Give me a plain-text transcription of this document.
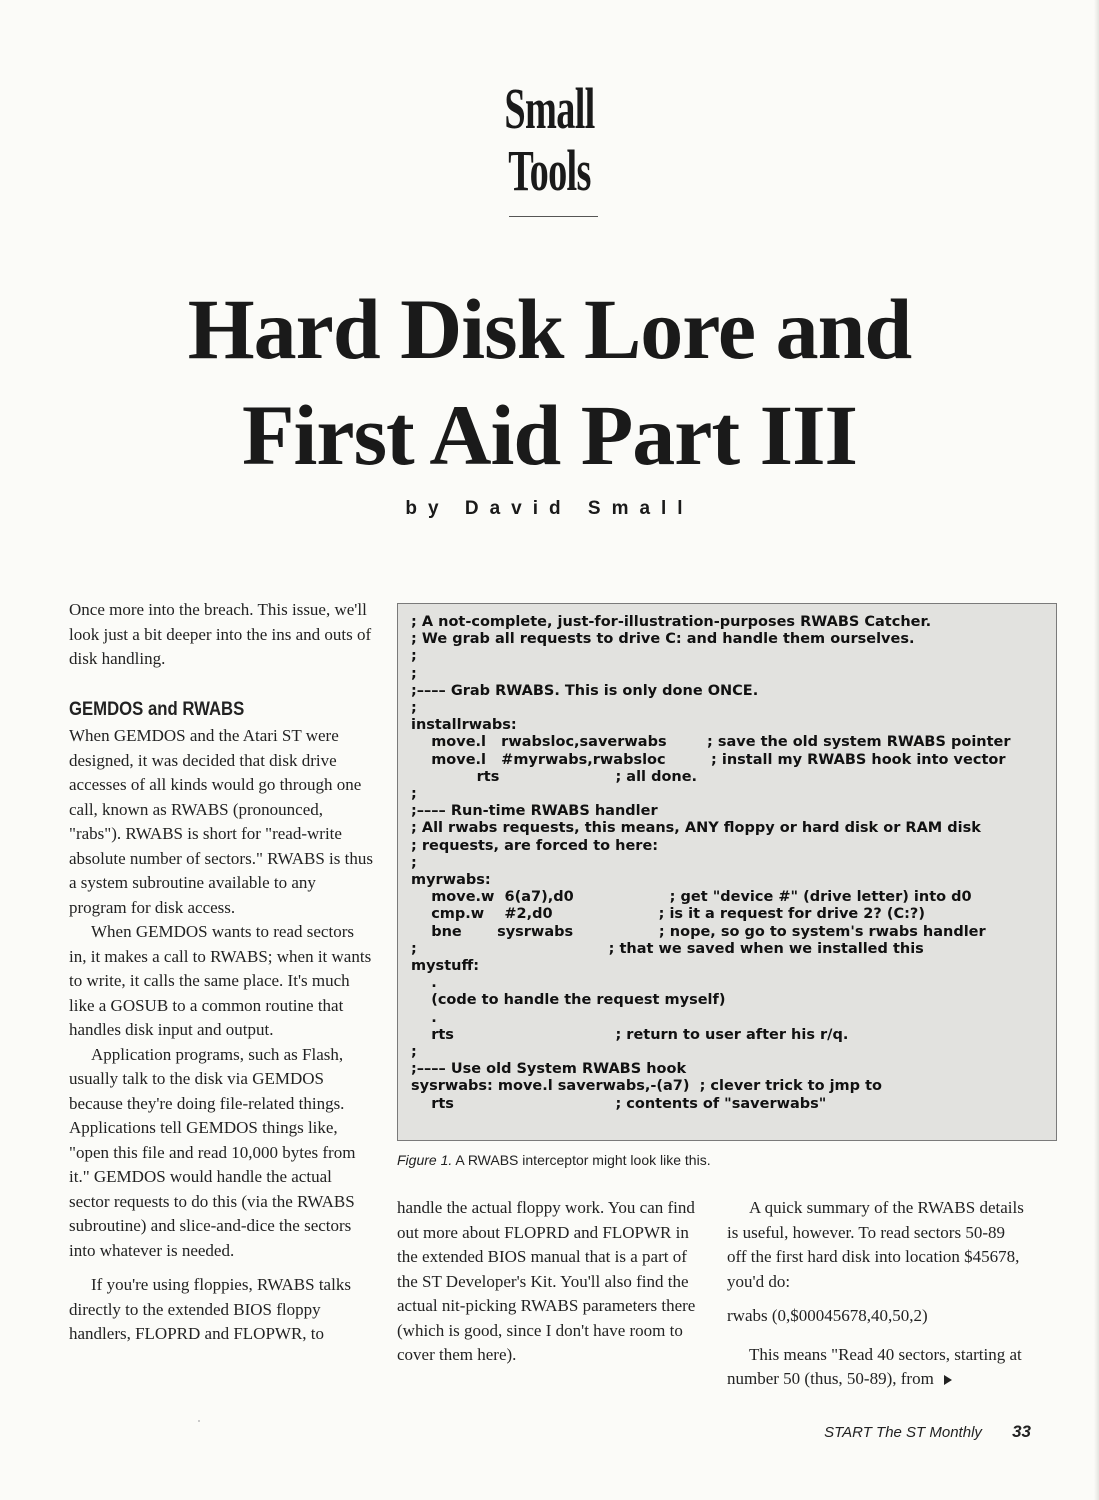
Small
Tools
Hard Disk Lore and
First Aid Part III
by David Small

Once more into the breach. This issue, we'll look just a bit deeper into the ins and outs of disk handling.

GEMDOS and RWABS

When GEMDOS and the Atari ST were designed, it was decided that disk drive accesses of all kinds would go through one call, known as RWABS (pronounced, "rabs"). RWABS is short for "read-write absolute number of sectors." RWABS is thus a system subroutine available to any program for disk access.

When GEMDOS wants to read sectors in, it makes a call to RWABS; when it wants to write, it calls the same place. It's much like a GOSUB to a common routine that handles disk input and output.

Application programs, such as Flash, usually talk to the disk via GEMDOS because they're doing file-related things. Applications tell GEMDOS things like, "open this file and read 10,000 bytes from it." GEMDOS would handle the actual sector requests to do this (via the RWABS subroutine) and slice-and-dice the sectors into whatever is needed.

If you're using floppies, RWABS talks directly to the extended BIOS floppy handlers, FLOPRD and FLOPWR, to

; A not-complete, just-for-illustration-purposes RWABS Catcher.
; We grab all requests to drive C: and handle them ourselves.
;
;
;–––– Grab RWABS. This is only done ONCE.
;
installrwabs:
move.l   rwabsloc,saverwabs        ; save the old system RWABS pointer
move.l   #myrwabs,rwabsloc         ; install my RWABS hook into vector
rts                       ; all done.
;
;–––– Run-time RWABS handler
; All rwabs requests, this means, ANY floppy or hard disk or RAM disk
; requests, are forced to here:
;
myrwabs:
move.w  6(a7),d0                   ; get "device #" (drive letter) into d0
cmp.w    #2,d0                     ; is it a request for drive 2? (C:?)
bne       sysrwabs                 ; nope, so go to system's rwabs handler
;                                      ; that we saved when we installed this
mystuff:
.
(code to handle the request myself)
.
rts                                ; return to user after his r/q.
;
;–––– Use old System RWABS hook
sysrwabs: move.l saverwabs,-(a7)  ; clever trick to jmp to
rts                                ; contents of "saverwabs"
Figure 1. A RWABS interceptor might look like this.

handle the actual floppy work. You can find out more about FLOPRD and FLOPWR in the extended BIOS manual that is a part of the ST Developer's Kit. You'll also find the actual nit-picking RWABS parameters there (which is good, since I don't have room to cover them here).

A quick summary of the RWABS details is useful, however. To read sectors 50-89 off the first hard disk into location $45678, you'd do:

rwabs (0,$00045678,40,50,2)

This means "Read 40 sectors, starting at number 50 (thus, 50-89), from

START The ST Monthly 33
